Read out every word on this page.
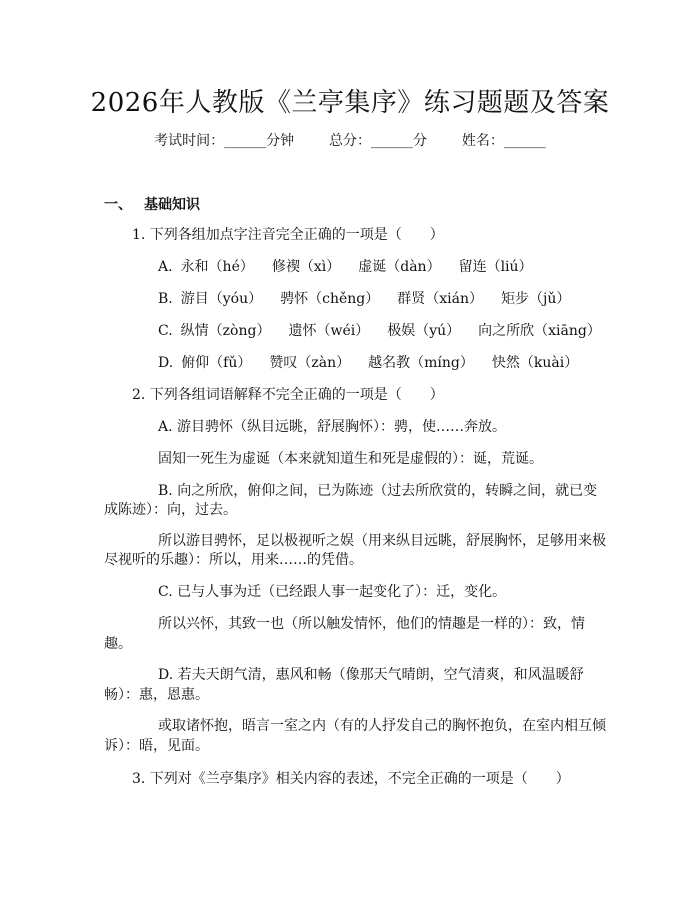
2026年人教版《兰亭集序》练习题题及答案
考试时间：______分钟 总分：______分 姓名：______
一、 基础知识
1. 下列各组加点字注音完全正确的一项是（　　）
A. 永和（hé） 修禊（xì） 虚诞（dàn） 留连（liú）
B. 游目（yóu） 骋怀（chěng） 群贤（xián） 矩步（jǔ）
C. 纵情（zòng） 遗怀（wéi） 极娱（yú） 向之所欣（xiāng）
D. 俯仰（fǔ） 赞叹（zàn） 越名教（míng） 快然（kuài）
2. 下列各组词语解释不完全正确的一项是（　　）
A. 游目骋怀（纵目远眺，舒展胸怀）：骋，使……奔放。
固知一死生为虚诞（本来就知道生和死是虚假的）：诞，荒诞。
B. 向之所欣，俯仰之间，已为陈迹（过去所欣赏的，转瞬之间，就已变
成陈迹）：向，过去。
所以游目骋怀，足以极视听之娱（用来纵目远眺，舒展胸怀，足够用来极
尽视听的乐趣）：所以，用来……的凭借。
C. 已与人事为迁（已经跟人事一起变化了）：迁，变化。
所以兴怀，其致一也（所以触发情怀，他们的情趣是一样的）：致，情
趣。
D. 若夫天朗气清，惠风和畅（像那天气晴朗，空气清爽，和风温暖舒
畅）：惠，恩惠。
或取诸怀抱，晤言一室之内（有的人抒发自己的胸怀抱负，在室内相互倾
诉）：晤，见面。
3. 下列对《兰亭集序》相关内容的表述，不完全正确的一项是（　　）
